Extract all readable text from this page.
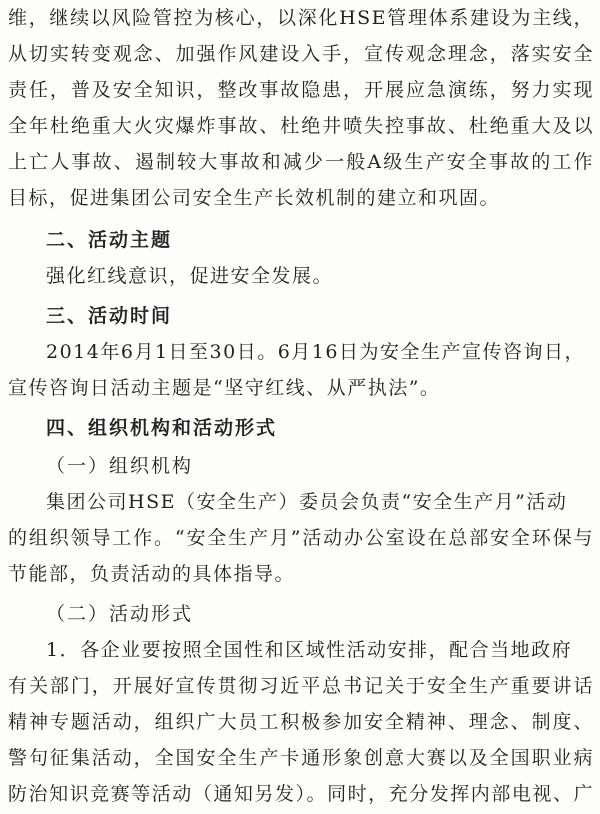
维，继续以风险管控为核心，以深化HSE管理体系建设为主线，
从切实转变观念、加强作风建设入手，宣传观念理念，落实安全
责任，普及安全知识，整改事故隐患，开展应急演练，努力实现
全年杜绝重大火灾爆炸事故、杜绝井喷失控事故、杜绝重大及以
上亡人事故、遏制较大事故和减少一般A级生产安全事故的工作
目标，促进集团公司安全生产长效机制的建立和巩固。
二、活动主题
强化红线意识，促进安全发展。
三、活动时间
2014年6月1日至30日。6月16日为安全生产宣传咨询日，
宣传咨询日活动主题是“坚守红线、从严执法”。
四、组织机构和活动形式
（一）组织机构
集团公司HSE（安全生产）委员会负责“安全生产月”活动
的组织领导工作。“安全生产月”活动办公室设在总部安全环保与
节能部，负责活动的具体指导。
（二）活动形式
1．各企业要按照全国性和区域性活动安排，配合当地政府
有关部门，开展好宣传贯彻习近平总书记关于安全生产重要讲话
精神专题活动，组织广大员工积极参加安全精神、理念、制度、
警句征集活动，全国安全生产卡通形象创意大赛以及全国职业病
防治知识竞赛等活动（通知另发）。同时，充分发挥内部电视、广
